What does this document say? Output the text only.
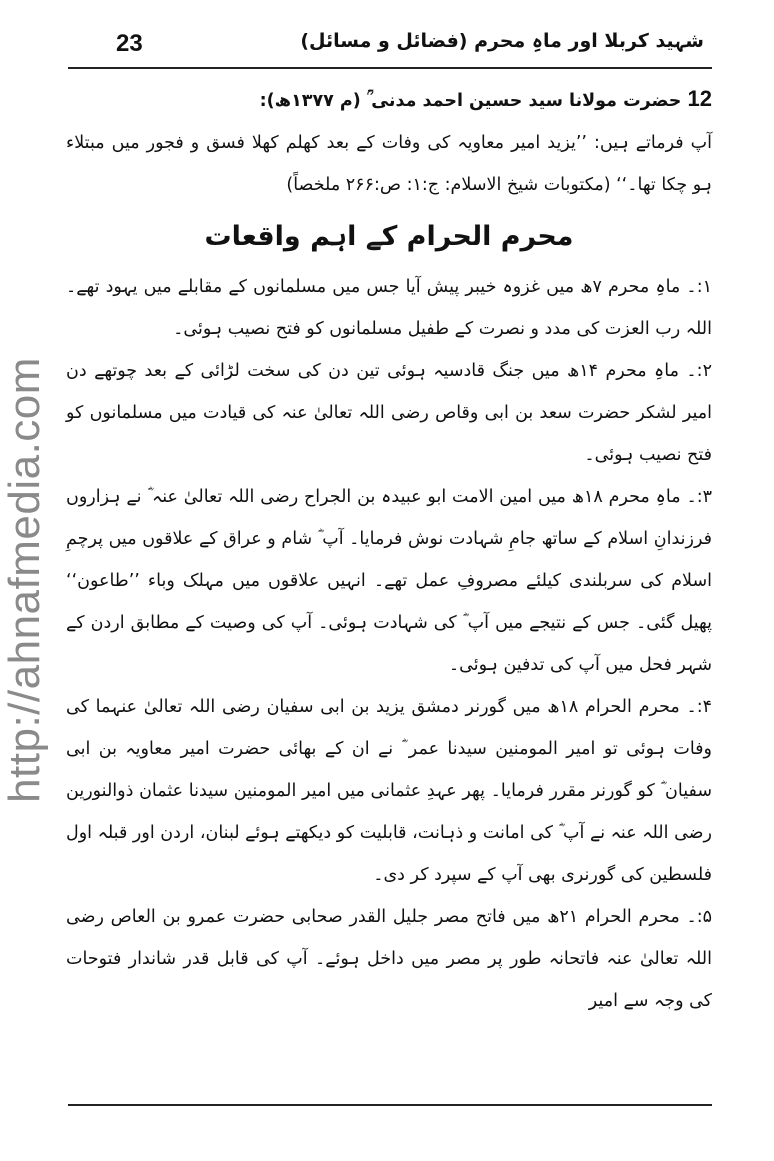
http://ahnafmedia.com
23	شہید کربلا اور ماہِ محرم (فضائل و مسائل)

12 حضرت مولانا سید حسین احمد مدنی ؒ (م ۱۳۷۷ھ):

آپ فرماتے ہیں: ’’یزید امیر معاویہ کی وفات کے بعد کھلم کھلا فسق و فجور میں مبتلاء ہو چکا تھا۔‘‘ (مکتوبات شیخ الاسلام: ج:۱: ص:۲۶۶ ملخصاً)

محرم الحرام کے اہم واقعات

۱:۔ ماہِ محرم ۷ھ میں غزوہ خیبر پیش آیا جس میں مسلمانوں کے مقابلے میں یہود تھے۔ اللہ رب العزت کی مدد و نصرت کے طفیل مسلمانوں کو فتح نصیب ہوئی۔

۲:۔ ماہِ محرم ۱۴ھ میں جنگ قادسیہ ہوئی تین دن کی سخت لڑائی کے بعد چوتھے دن امیر لشکر حضرت سعد بن ابی وقاص رضی اللہ تعالیٰ عنہ کی قیادت میں مسلمانوں کو فتح نصیب ہوئی۔

۳:۔ ماہِ محرم ۱۸ھ میں امین الامت ابو عبیدہ بن الجراح رضی اللہ تعالیٰ عنہ ؓ نے ہزاروں فرزندانِ اسلام کے ساتھ جامِ شہادت نوش فرمایا۔ آپ ؓ شام و عراق کے علاقوں میں پرچمِ اسلام کی سربلندی کیلئے مصروفِ عمل تھے۔ انہیں علاقوں میں مہلک وباء ’’طاعون‘‘ پھیل گئی۔ جس کے نتیجے میں آپ ؓ کی شہادت ہوئی۔ آپ کی وصیت کے مطابق اردن کے شہر فحل میں آپ کی تدفین ہوئی۔

۴:۔ محرم الحرام ۱۸ھ میں گورنر دمشق یزید بن ابی سفیان رضی اللہ تعالیٰ عنہما کی وفات ہوئی تو امیر المومنین سیدنا عمر ؓ نے ان کے بھائی حضرت امیر معاویہ بن ابی سفیان ؓ کو گورنر مقرر فرمایا۔ پھر عہدِ عثمانی میں امیر المومنین سیدنا عثمان ذوالنورین رضی اللہ عنہ نے آپ ؓ کی امانت و ذہانت، قابلیت کو دیکھتے ہوئے لبنان، اردن اور قبلہ اول فلسطین کی گورنری بھی آپ کے سپرد کر دی۔

۵:۔ محرم الحرام ۲۱ھ میں فاتح مصر جلیل القدر صحابی حضرت عمرو بن العاص رضی اللہ تعالیٰ عنہ فاتحانہ طور پر مصر میں داخل ہوئے۔ آپ کی قابل قدر شاندار فتوحات کی وجہ سے امیر
